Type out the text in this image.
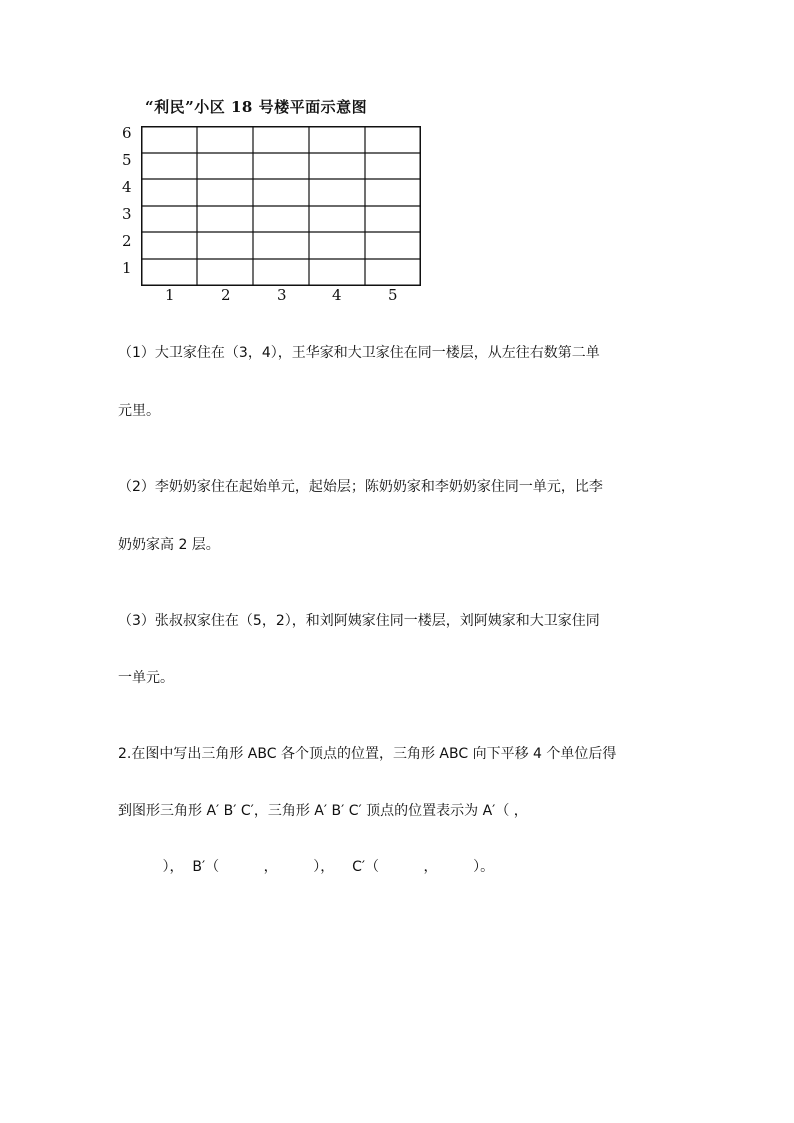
“利民”小区 18 号楼平面示意图
6
5
4
3
2
1
1	2	3	4	5
（1）大卫家住在（3，4），王华家和大卫家住在同一楼层，从左往右数第二单
元里。
（2）李奶奶家住在起始单元，起始层；陈奶奶家和李奶奶家住同一单元，比李
奶奶家高 2 层。
（3）张叔叔家住在（5，2），和刘阿姨家住同一楼层，刘阿姨家和大卫家住同
一单元。
2.在图中写出三角形 ABC 各个顶点的位置，三角形 ABC 向下平移 4 个单位后得
到图形三角形 A′ B′ C′，三角形 A′ B′ C′ 顶点的位置表示为 A′（ ，
），  B′（          ，        ），    C′（          ，        ）。
